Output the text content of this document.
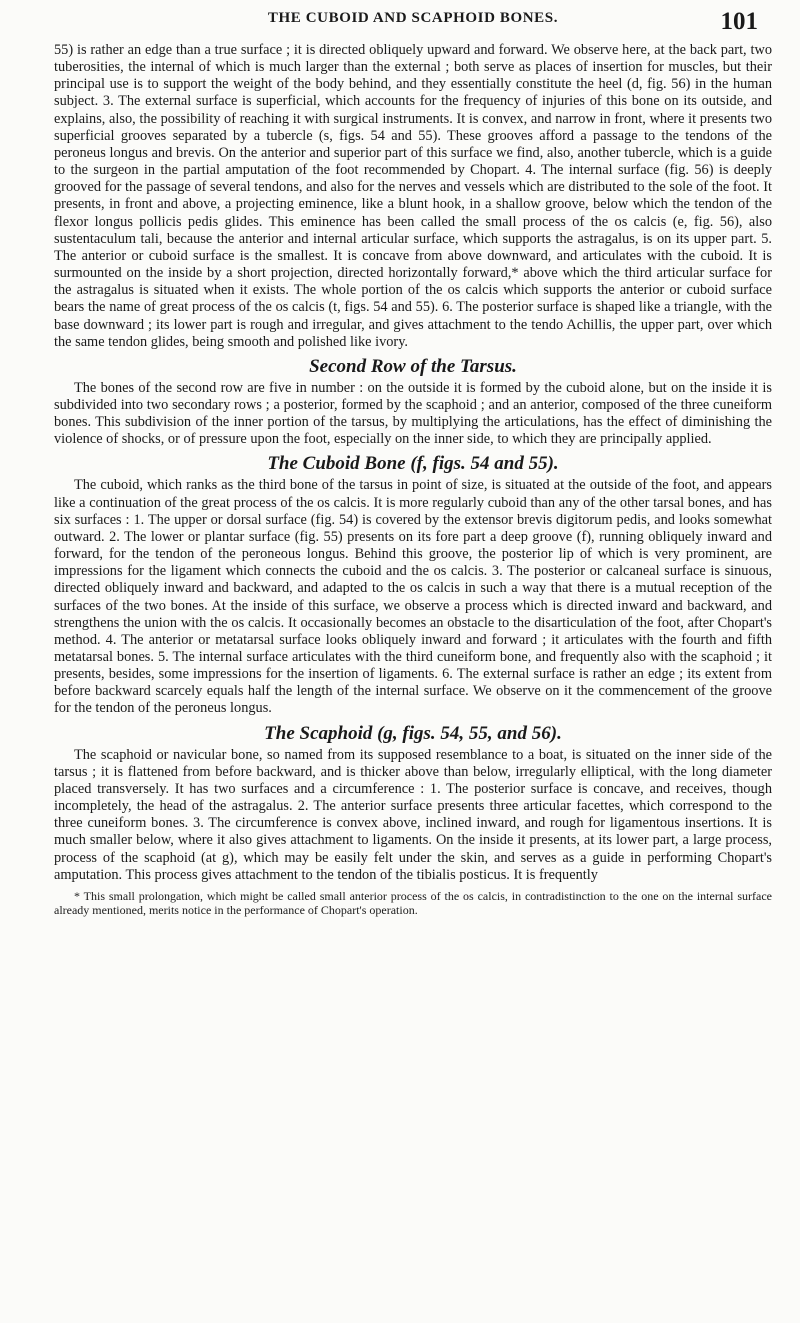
THE CUBOID AND SCAPHOID BONES.	101

55) is rather an edge than a true surface ; it is directed obliquely upward and forward. We observe here, at the back part, two tuberosities, the internal of which is much larger than the external ; both serve as places of insertion for muscles, but their principal use is to support the weight of the body behind, and they essentially constitute the heel (d, fig. 56) in the human subject. 3. The external surface is superficial, which accounts for the frequency of injuries of this bone on its outside, and explains, also, the possibility of reaching it with surgical instruments. It is convex, and narrow in front, where it presents two superficial grooves separated by a tubercle (s, figs. 54 and 55). These grooves afford a passage to the tendons of the peroneus longus and brevis. On the anterior and superior part of this surface we find, also, another tubercle, which is a guide to the surgeon in the partial amputation of the foot recommended by Chopart. 4. The internal surface (fig. 56) is deeply grooved for the passage of several tendons, and also for the nerves and vessels which are distributed to the sole of the foot. It presents, in front and above, a projecting eminence, like a blunt hook, in a shallow groove, below which the tendon of the flexor longus pollicis pedis glides. This eminence has been called the small process of the os calcis (e, fig. 56), also sustentaculum tali, because the anterior and internal articular surface, which supports the astragalus, is on its upper part. 5. The anterior or cuboid surface is the smallest. It is concave from above downward, and articulates with the cuboid. It is surmounted on the inside by a short projection, directed horizontally forward,* above which the third articular surface for the astragalus is situated when it exists. The whole portion of the os calcis which supports the anterior or cuboid surface bears the name of great process of the os calcis (t, figs. 54 and 55). 6. The posterior surface is shaped like a triangle, with the base downward ; its lower part is rough and irregular, and gives attachment to the tendo Achillis, the upper part, over which the same tendon glides, being smooth and polished like ivory.

Second Row of the Tarsus.

The bones of the second row are five in number : on the outside it is formed by the cuboid alone, but on the inside it is subdivided into two secondary rows ; a posterior, formed by the scaphoid ; and an anterior, composed of the three cuneiform bones. This subdivision of the inner portion of the tarsus, by multiplying the articulations, has the effect of diminishing the violence of shocks, or of pressure upon the foot, especially on the inner side, to which they are principally applied.

The Cuboid Bone (f, figs. 54 and 55).

The cuboid, which ranks as the third bone of the tarsus in point of size, is situated at the outside of the foot, and appears like a continuation of the great process of the os calcis. It is more regularly cuboid than any of the other tarsal bones, and has six surfaces : 1. The upper or dorsal surface (fig. 54) is covered by the extensor brevis digitorum pedis, and looks somewhat outward. 2. The lower or plantar surface (fig. 55) presents on its fore part a deep groove (f), running obliquely inward and forward, for the tendon of the peroneous longus. Behind this groove, the posterior lip of which is very prominent, are impressions for the ligament which connects the cuboid and the os calcis. 3. The posterior or calcaneal surface is sinuous, directed obliquely inward and backward, and adapted to the os calcis in such a way that there is a mutual reception of the surfaces of the two bones. At the inside of this surface, we observe a process which is directed inward and backward, and strengthens the union with the os calcis. It occasionally becomes an obstacle to the disarticulation of the foot, after Chopart's method. 4. The anterior or metatarsal surface looks obliquely inward and forward ; it articulates with the fourth and fifth metatarsal bones. 5. The internal surface articulates with the third cuneiform bone, and frequently also with the scaphoid ; it presents, besides, some impressions for the insertion of ligaments. 6. The external surface is rather an edge ; its extent from before backward scarcely equals half the length of the internal surface. We observe on it the commencement of the groove for the tendon of the peroneus longus.

The Scaphoid (g, figs. 54, 55, and 56).

The scaphoid or navicular bone, so named from its supposed resemblance to a boat, is situated on the inner side of the tarsus ; it is flattened from before backward, and is thicker above than below, irregularly elliptical, with the long diameter placed transversely. It has two surfaces and a circumference : 1. The posterior surface is concave, and receives, though incompletely, the head of the astragalus. 2. The anterior surface presents three articular facettes, which correspond to the three cuneiform bones. 3. The circumference is convex above, inclined inward, and rough for ligamentous insertions. It is much smaller below, where it also gives attachment to ligaments. On the inside it presents, at its lower part, a large process, process of the scaphoid (at g), which may be easily felt under the skin, and serves as a guide in performing Chopart's amputation. This process gives attachment to the tendon of the tibialis posticus. It is frequently

* This small prolongation, which might be called small anterior process of the os calcis, in contradistinction to the one on the internal surface already mentioned, merits notice in the performance of Chopart's operation.
